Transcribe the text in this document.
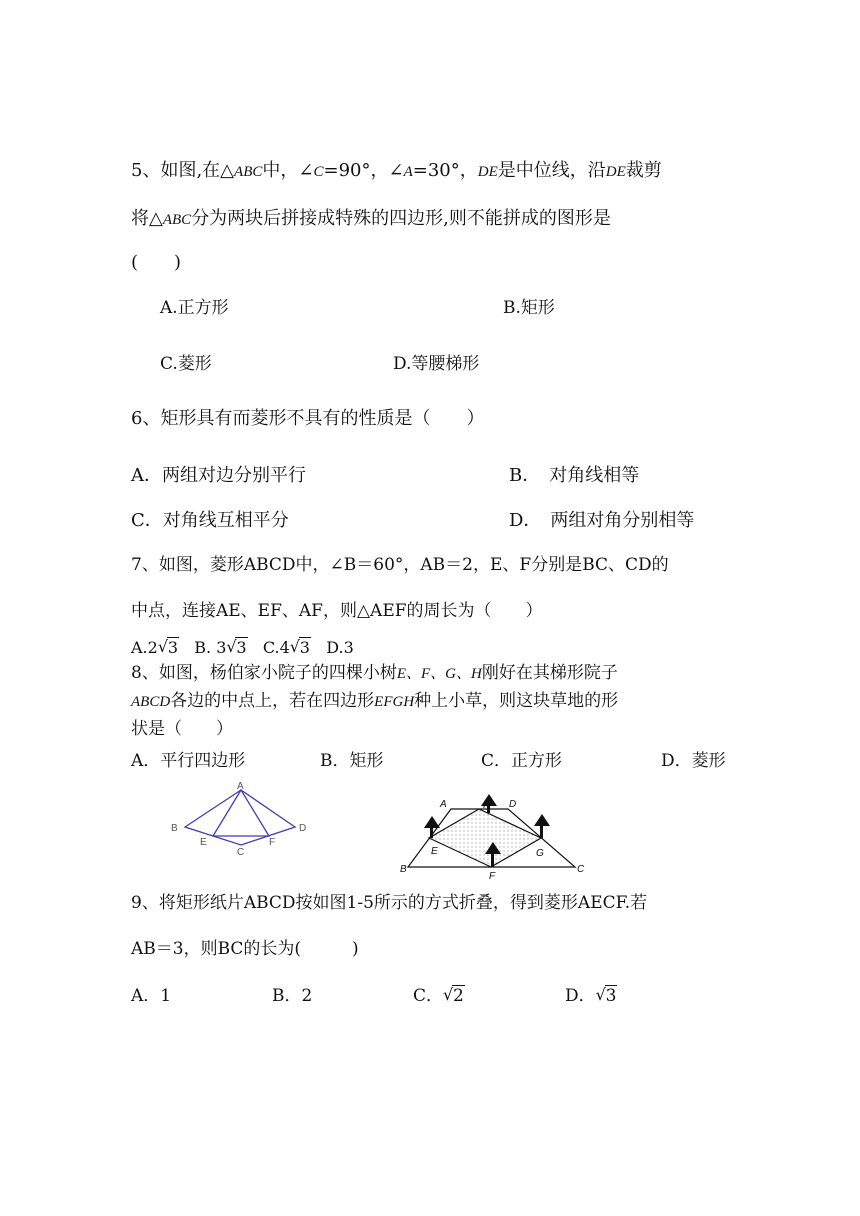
5、如图,在△ABC中，∠C=90°，∠A=30°，DE是中位线，沿DE裁剪
将△ABC分为两块后拼接成特殊的四边形,则不能拼成的图形是
(　　)
A.正方形	B.矩形
C.菱形	D.等腰梯形
6、矩形具有而菱形不具有的性质是（　　）
A．两组对边分别平行	B．　对角线相等
C．对角线互相平分	D．　两组对角分别相等
7、如图，菱形ABCD中，∠B＝60°，AB＝2，E、F分别是BC、CD的
中点，连接AE、EF、AF，则△AEF的周长为（　　）
A.2 √ 3 B. 3 √ 3 C.4 √ 3 D.3
8、如图，杨伯家小院子的四棵小树E、F、G、H刚好在其梯形院子
ABCD各边的中点上，若在四边形EFGH种上小草，则这块草地的形
状是（　　）
A．平行四边形	B．矩形	C．正方形	D．菱形
A
B
C
D
E	F
A	H D
E	G
B
F
C
9、将矩形纸片ABCD按如图1-5所示的方式折叠，得到菱形AECF.若
AB＝3，则BC的长为(　　　)
A．1	B．2	C． √ 2	D． √ 3
